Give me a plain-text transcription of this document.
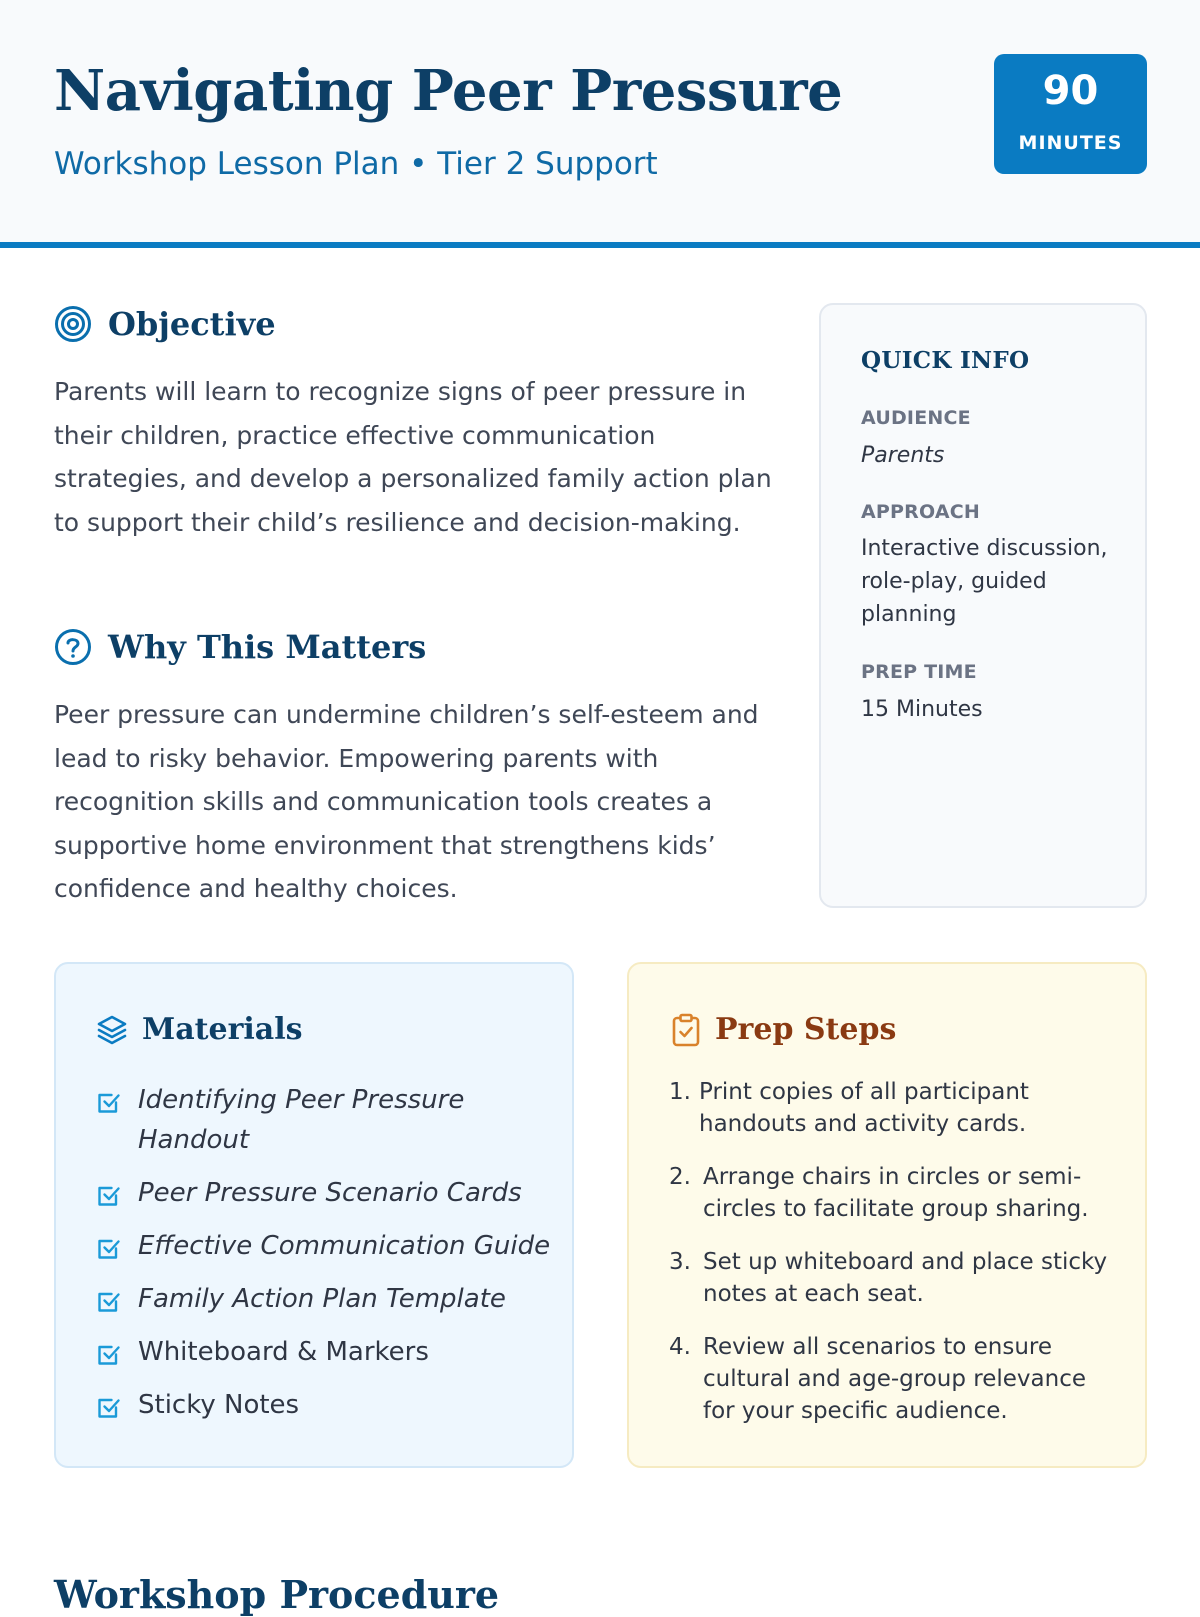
Navigating Peer Pressure
Workshop Lesson Plan • Tier 2 Support
90
MINUTES
Objective
Parents will learn to recognize signs of peer pressure in their children, practice effective communication strategies, and develop a personalized family action plan to support their child’s resilience and decision-making.
Why This Matters
Peer pressure can undermine children’s self-esteem and lead to risky behavior. Empowering parents with recognition skills and communication tools creates a supportive home environment that strengthens kids’ confidence and healthy choices.
QUICK INFO
AUDIENCE
Parents
APPROACH
Interactive discussion, role-play, guided planning
PREP TIME
15 Minutes
Materials
Identifying Peer Pressure Handout
Peer Pressure Scenario Cards
Effective Communication Guide
Family Action Plan Template
Whiteboard & Markers
Sticky Notes
Prep Steps
1. Print copies of all participant handouts and activity cards.
2. Arrange chairs in circles or semi-circles to facilitate group sharing.
3. Set up whiteboard and place sticky notes at each seat.
4. Review all scenarios to ensure cultural and age-group relevance for your specific audience.
Workshop Procedure
